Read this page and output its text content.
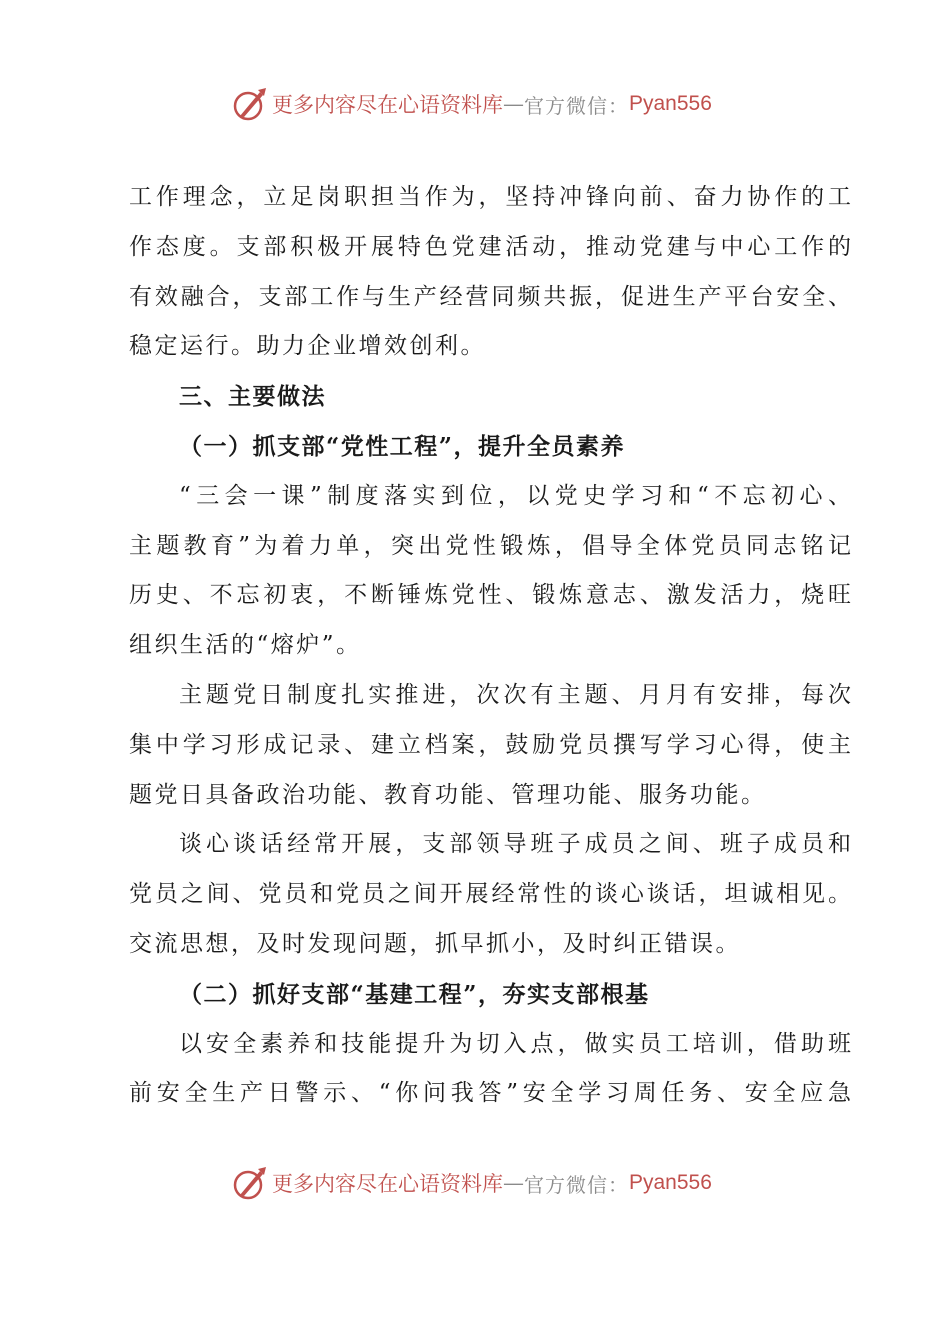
更多内容尽在心语资料库 — 官方微信： Pyan556
工作理念，立足岗职担当作为，坚持冲锋向前、奋力协作的工
作态度。支部积极开展特色党建活动，推动党建与中心工作的
有效融合，支部工作与生产经营同频共振，促进生产平台安全、
稳定运行。助力企业增效创利。
三、主要做法
（一）抓支部“党性工程”，提升全员素养
“三会一课”制度落实到位，以党史学习和“不忘初心、
主题教育”为着力单，突出党性锻炼，倡导全体党员同志铭记
历史、不忘初衷，不断锤炼党性、锻炼意志、激发活力，烧旺
组织生活的“熔炉”。
主题党日制度扎实推进，次次有主题、月月有安排，每次
集中学习形成记录、建立档案，鼓励党员撰写学习心得，使主
题党日具备政治功能、教育功能、管理功能、服务功能。
谈心谈话经常开展，支部领导班子成员之间、班子成员和
党员之间、党员和党员之间开展经常性的谈心谈话，坦诚相见。
交流思想，及时发现问题，抓早抓小，及时纠正错误。
（二）抓好支部“基建工程”，夯实支部根基
以安全素养和技能提升为切入点，做实员工培训，借助班
前安全生产日警示、“你问我答”安全学习周任务、安全应急
更多内容尽在心语资料库 — 官方微信： Pyan556
